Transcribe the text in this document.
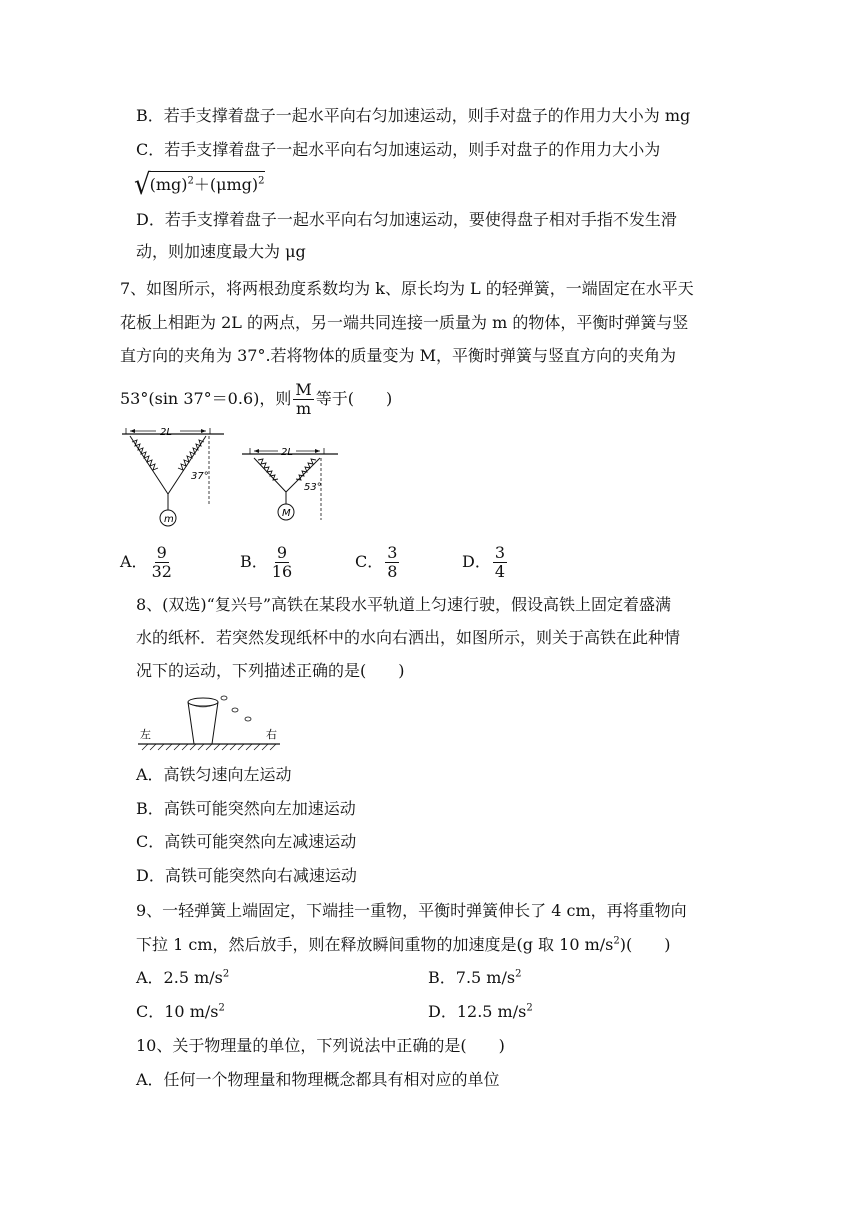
B．若手支撑着盘子一起水平向右匀加速运动，则手对盘子的作用力大小为 mg
C．若手支撑着盘子一起水平向右匀加速运动，则手对盘子的作用力大小为
√ $(mg)^2+(\mu mg)^2$
D．若手支撑着盘子一起水平向右匀加速运动，要使得盘子相对手指不发生滑
动，则加速度最大为 μg
7、如图所示，将两根劲度系数均为 k、原长均为 L 的轻弹簧，一端固定在水平天
花板上相距为 2L 的两点，另一端共同连接一质量为 m 的物体，平衡时弹簧与竖
直方向的夹角为 37°.若将物体的质量变为 M，平衡时弹簧与竖直方向的夹角为
53°(sin 37°＝0.6)，则 $\frac{M}{m}$ 等于(　　)
2L
m
37°
2L
M
53°
A． $\frac{9}{32}$	B． $\frac{9}{16}$	C． $\frac{3}{8}$	D． $\frac{3}{4}$
8、(双选)“复兴号”高铁在某段水平轨道上匀速行驶，假设高铁上固定着盛满
水的纸杯．若突然发现纸杯中的水向右洒出，如图所示，则关于高铁在此种情
况下的运动，下列描述正确的是(　　)
左	右
A．高铁匀速向左运动
B．高铁可能突然向左加速运动
C．高铁可能突然向左减速运动
D．高铁可能突然向右减速运动
9、一轻弹簧上端固定，下端挂一重物，平衡时弹簧伸长了 4 cm，再将重物向
下拉 1 cm，然后放手，则在释放瞬间重物的加速度是(g 取 10 $m/s^2$)(　　)
A．2.5 $m/s^2$	B．7.5 $m/s^2$
C．10 $m/s^2$	D．12.5 $m/s^2$
10、关于物理量的单位，下列说法中正确的是(　　)
A．任何一个物理量和物理概念都具有相对应的单位
